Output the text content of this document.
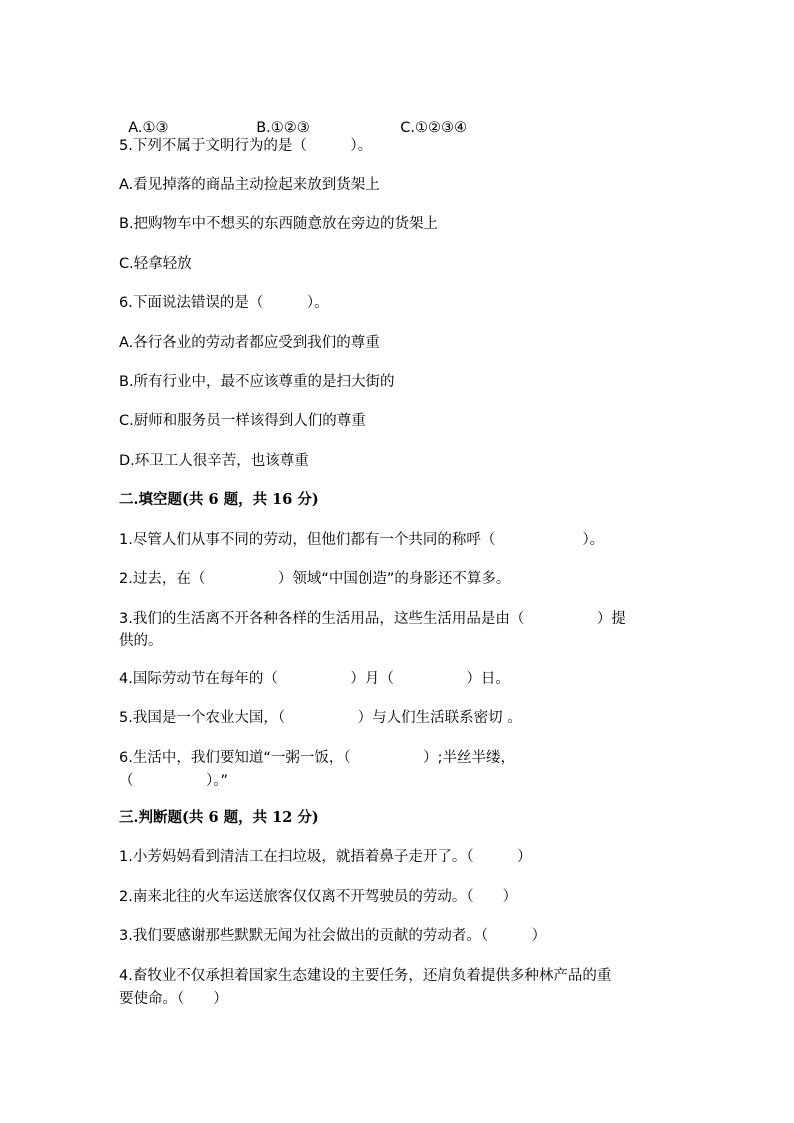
A.①③	B.①②③	C.①②③④

5.下列不属于文明行为的是（　　　）。
A.看见掉落的商品主动捡起来放到货架上
B.把购物车中不想买的东西随意放在旁边的货架上
C.轻拿轻放
6.下面说法错误的是（　　　）。
A.各行各业的劳动者都应受到我们的尊重
B.所有行业中，最不应该尊重的是扫大街的
C.厨师和服务员一样该得到人们的尊重
D.环卫工人很辛苦，也该尊重
二.填空题(共 6 题，共 16 分)
1.尽管人们从事不同的劳动，但他们都有一个共同的称呼（　　　　　　）。
2.过去，在（　　　　　）领域“中国创造”的身影还不算多。
3.我们的生活离不开各种各样的生活用品，这些生活用品是由（　　　　　）提
供的。
4.国际劳动节在每年的（　　　　　）月（　　　　　）日。
5.我国是一个农业大国，（　　　　　）与人们生活联系密切 。
6.生活中，我们要知道“一粥一饭，（　　　　　）;半丝半缕，
（　　　　　）。”
三.判断题(共 6 题，共 12 分)
1.小芳妈妈看到清洁工在扫垃圾，就捂着鼻子走开了。（　　　）
2.南来北往的火车运送旅客仅仅离不开驾驶员的劳动。（　　）
3.我们要感谢那些默默无闻为社会做出的贡献的劳动者。（　　　）
4.畜牧业不仅承担着国家生态建设的主要任务，还肩负着提供多种林产品的重
要使命。（　　）
